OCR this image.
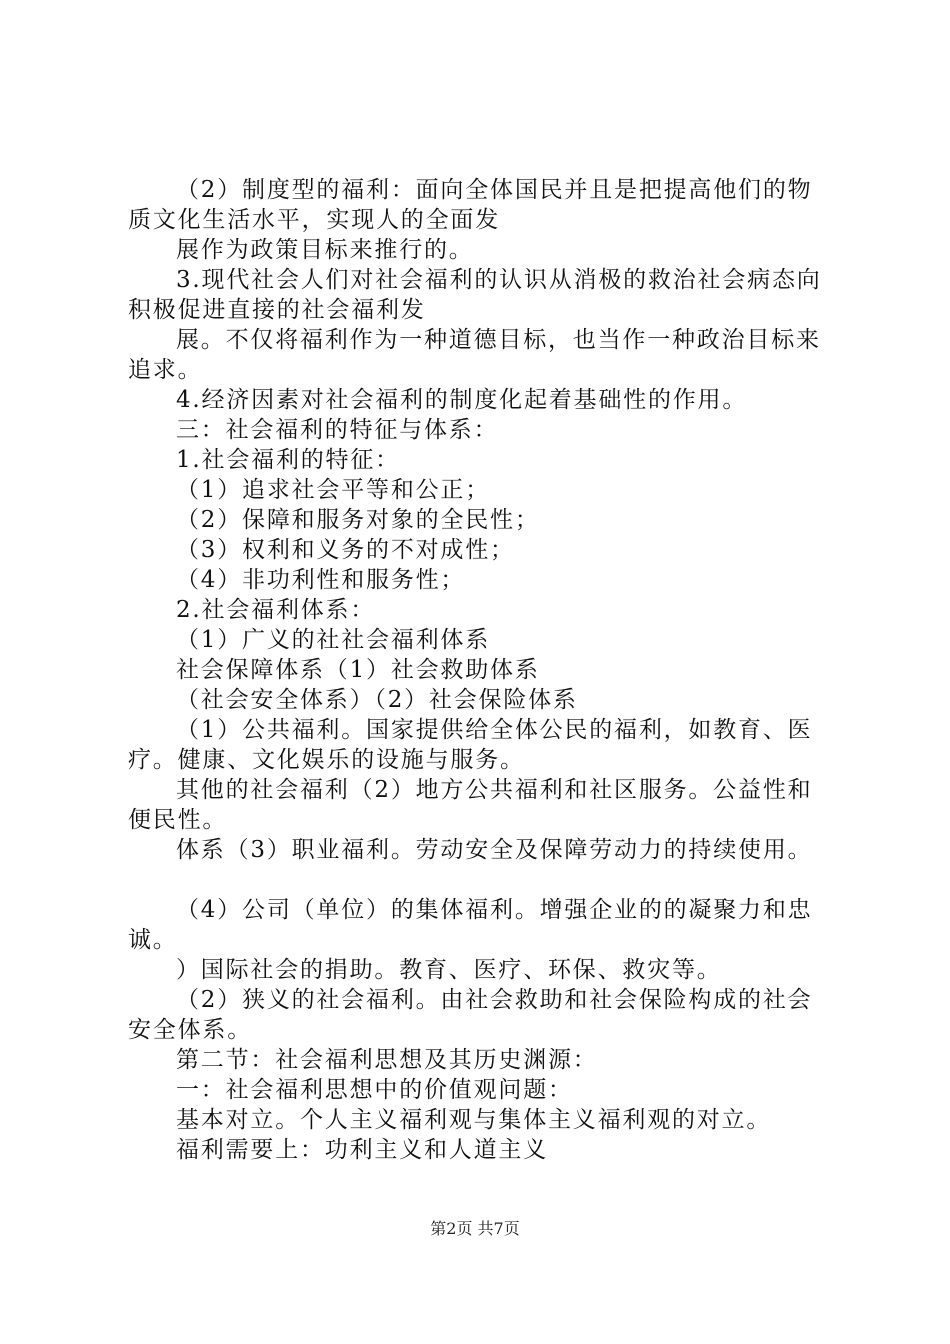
（2）制度型的福利：面向全体国民并且是把提高他们的物质文化生活水平，实现人的全面发

展作为政策目标来推行的。

3.现代社会人们对社会福利的认识从消极的救治社会病态向积极促进直接的社会福利发

展。不仅将福利作为一种道德目标，也当作一种政治目标来追求。

4.经济因素对社会福利的制度化起着基础性的作用。

三：社会福利的特征与体系：

1.社会福利的特征：

（1）追求社会平等和公正；

（2）保障和服务对象的全民性；

（3）权利和义务的不对成性；

（4）非功利性和服务性；

2.社会福利体系：

（1）广义的社社会福利体系

社会保障体系（1）社会救助体系

（社会安全体系）（2）社会保险体系

（1）公共福利。国家提供给全体公民的福利，如教育、医疗。健康、文化娱乐的设施与服务。

其他的社会福利（2）地方公共福利和社区服务。公益性和便民性。

体系（3）职业福利。劳动安全及保障劳动力的持续使用。

（4）公司（单位）的集体福利。增强企业的的凝聚力和忠诚。

）国际社会的捐助。教育、医疗、环保、救灾等。

（2）狭义的社会福利。由社会救助和社会保险构成的社会安全体系。

第二节：社会福利思想及其历史渊源：

一：社会福利思想中的价值观问题：

基本对立。个人主义福利观与集体主义福利观的对立。

福利需要上：功利主义和人道主义

第2页 共7页
